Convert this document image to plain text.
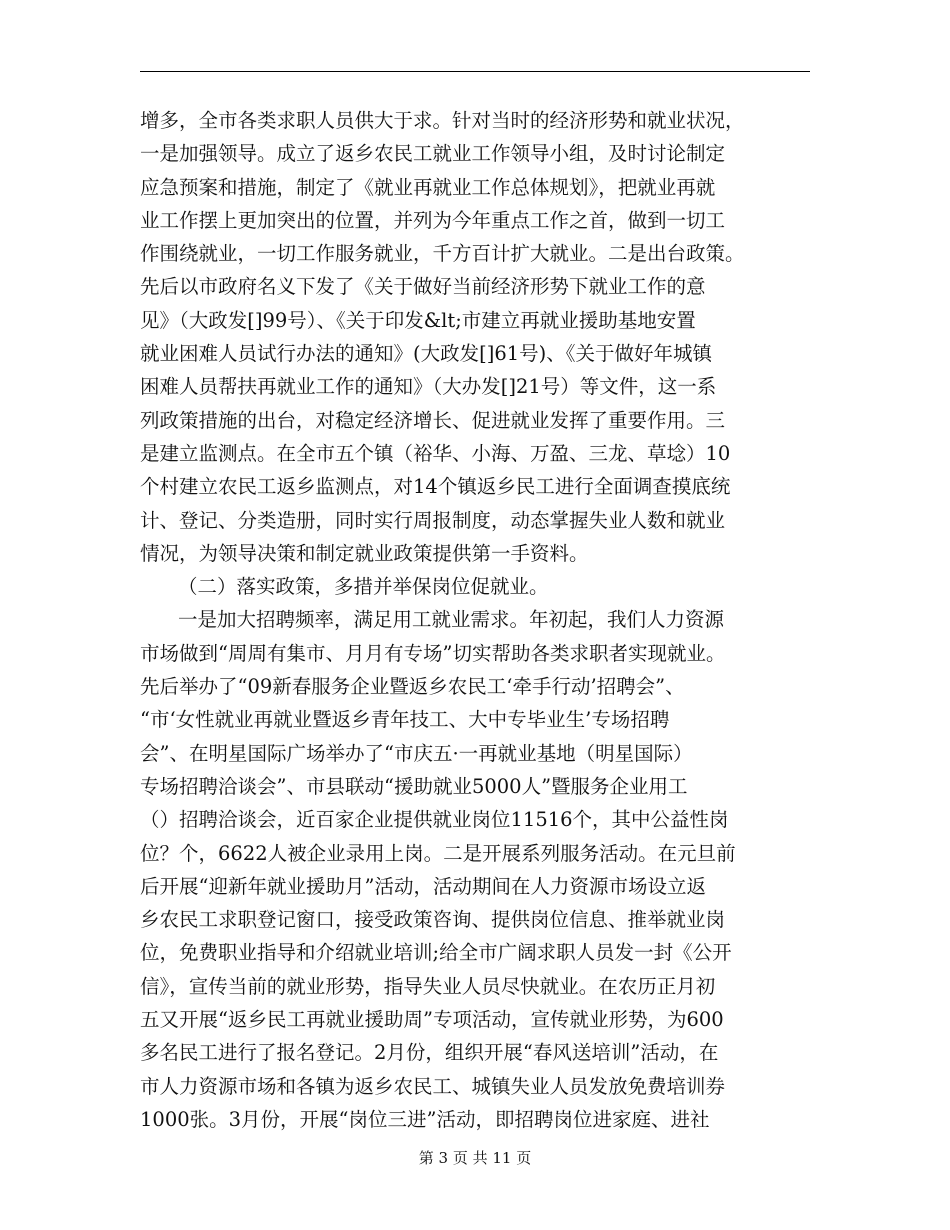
增多，全市各类求职人员供大于求。针对当时的经济形势和就业状况，
一是加强领导。成立了返乡农民工就业工作领导小组，及时讨论制定
应急预案和措施，制定了《就业再就业工作总体规划》，把就业再就
业工作摆上更加突出的位置，并列为今年重点工作之首，做到一切工
作围绕就业，一切工作服务就业，千方百计扩大就业。二是出台政策。
先后以市政府名义下发了《关于做好当前经济形势下就业工作的意
见》（大政发[]99号）、《关于印发&lt;市建立再就业援助基地安置
就业困难人员试行办法的通知》(大政发[]61号)、《关于做好年城镇
困难人员帮扶再就业工作的通知》（大办发[]21号）等文件，这一系
列政策措施的出台，对稳定经济增长、促进就业发挥了重要作用。三
是建立监测点。在全市五个镇（裕华、小海、万盈、三龙、草埝）10
个村建立农民工返乡监测点，对14个镇返乡民工进行全面调查摸底统
计、登记、分类造册，同时实行周报制度，动态掌握失业人数和就业
情况，为领导决策和制定就业政策提供第一手资料。
（二）落实政策，多措并举保岗位促就业。
一是加大招聘频率，满足用工就业需求。年初起，我们人力资源
市场做到“周周有集市、月月有专场”切实帮助各类求职者实现就业。
先后举办了“09新春服务企业暨返乡农民工‘牵手行动’招聘会”、
“市‘女性就业再就业暨返乡青年技工、大中专毕业生’专场招聘
会”、在明星国际广场举办了“市庆五·一再就业基地（明星国际）
专场招聘洽谈会”、市县联动“援助就业5000人”暨服务企业用工
（）招聘洽谈会，近百家企业提供就业岗位11516个，其中公益性岗
位？个，6622人被企业录用上岗。二是开展系列服务活动。在元旦前
后开展“迎新年就业援助月”活动，活动期间在人力资源市场设立返
乡农民工求职登记窗口，接受政策咨询、提供岗位信息、推举就业岗
位，免费职业指导和介绍就业培训;给全市广阔求职人员发一封《公开
信》，宣传当前的就业形势，指导失业人员尽快就业。在农历正月初
五又开展“返乡民工再就业援助周”专项活动，宣传就业形势，为600
多名民工进行了报名登记。2月份，组织开展“春风送培训”活动，在
市人力资源市场和各镇为返乡农民工、城镇失业人员发放免费培训券
1000张。3月份，开展“岗位三进”活动，即招聘岗位进家庭、进社
第 3 页 共 11 页
